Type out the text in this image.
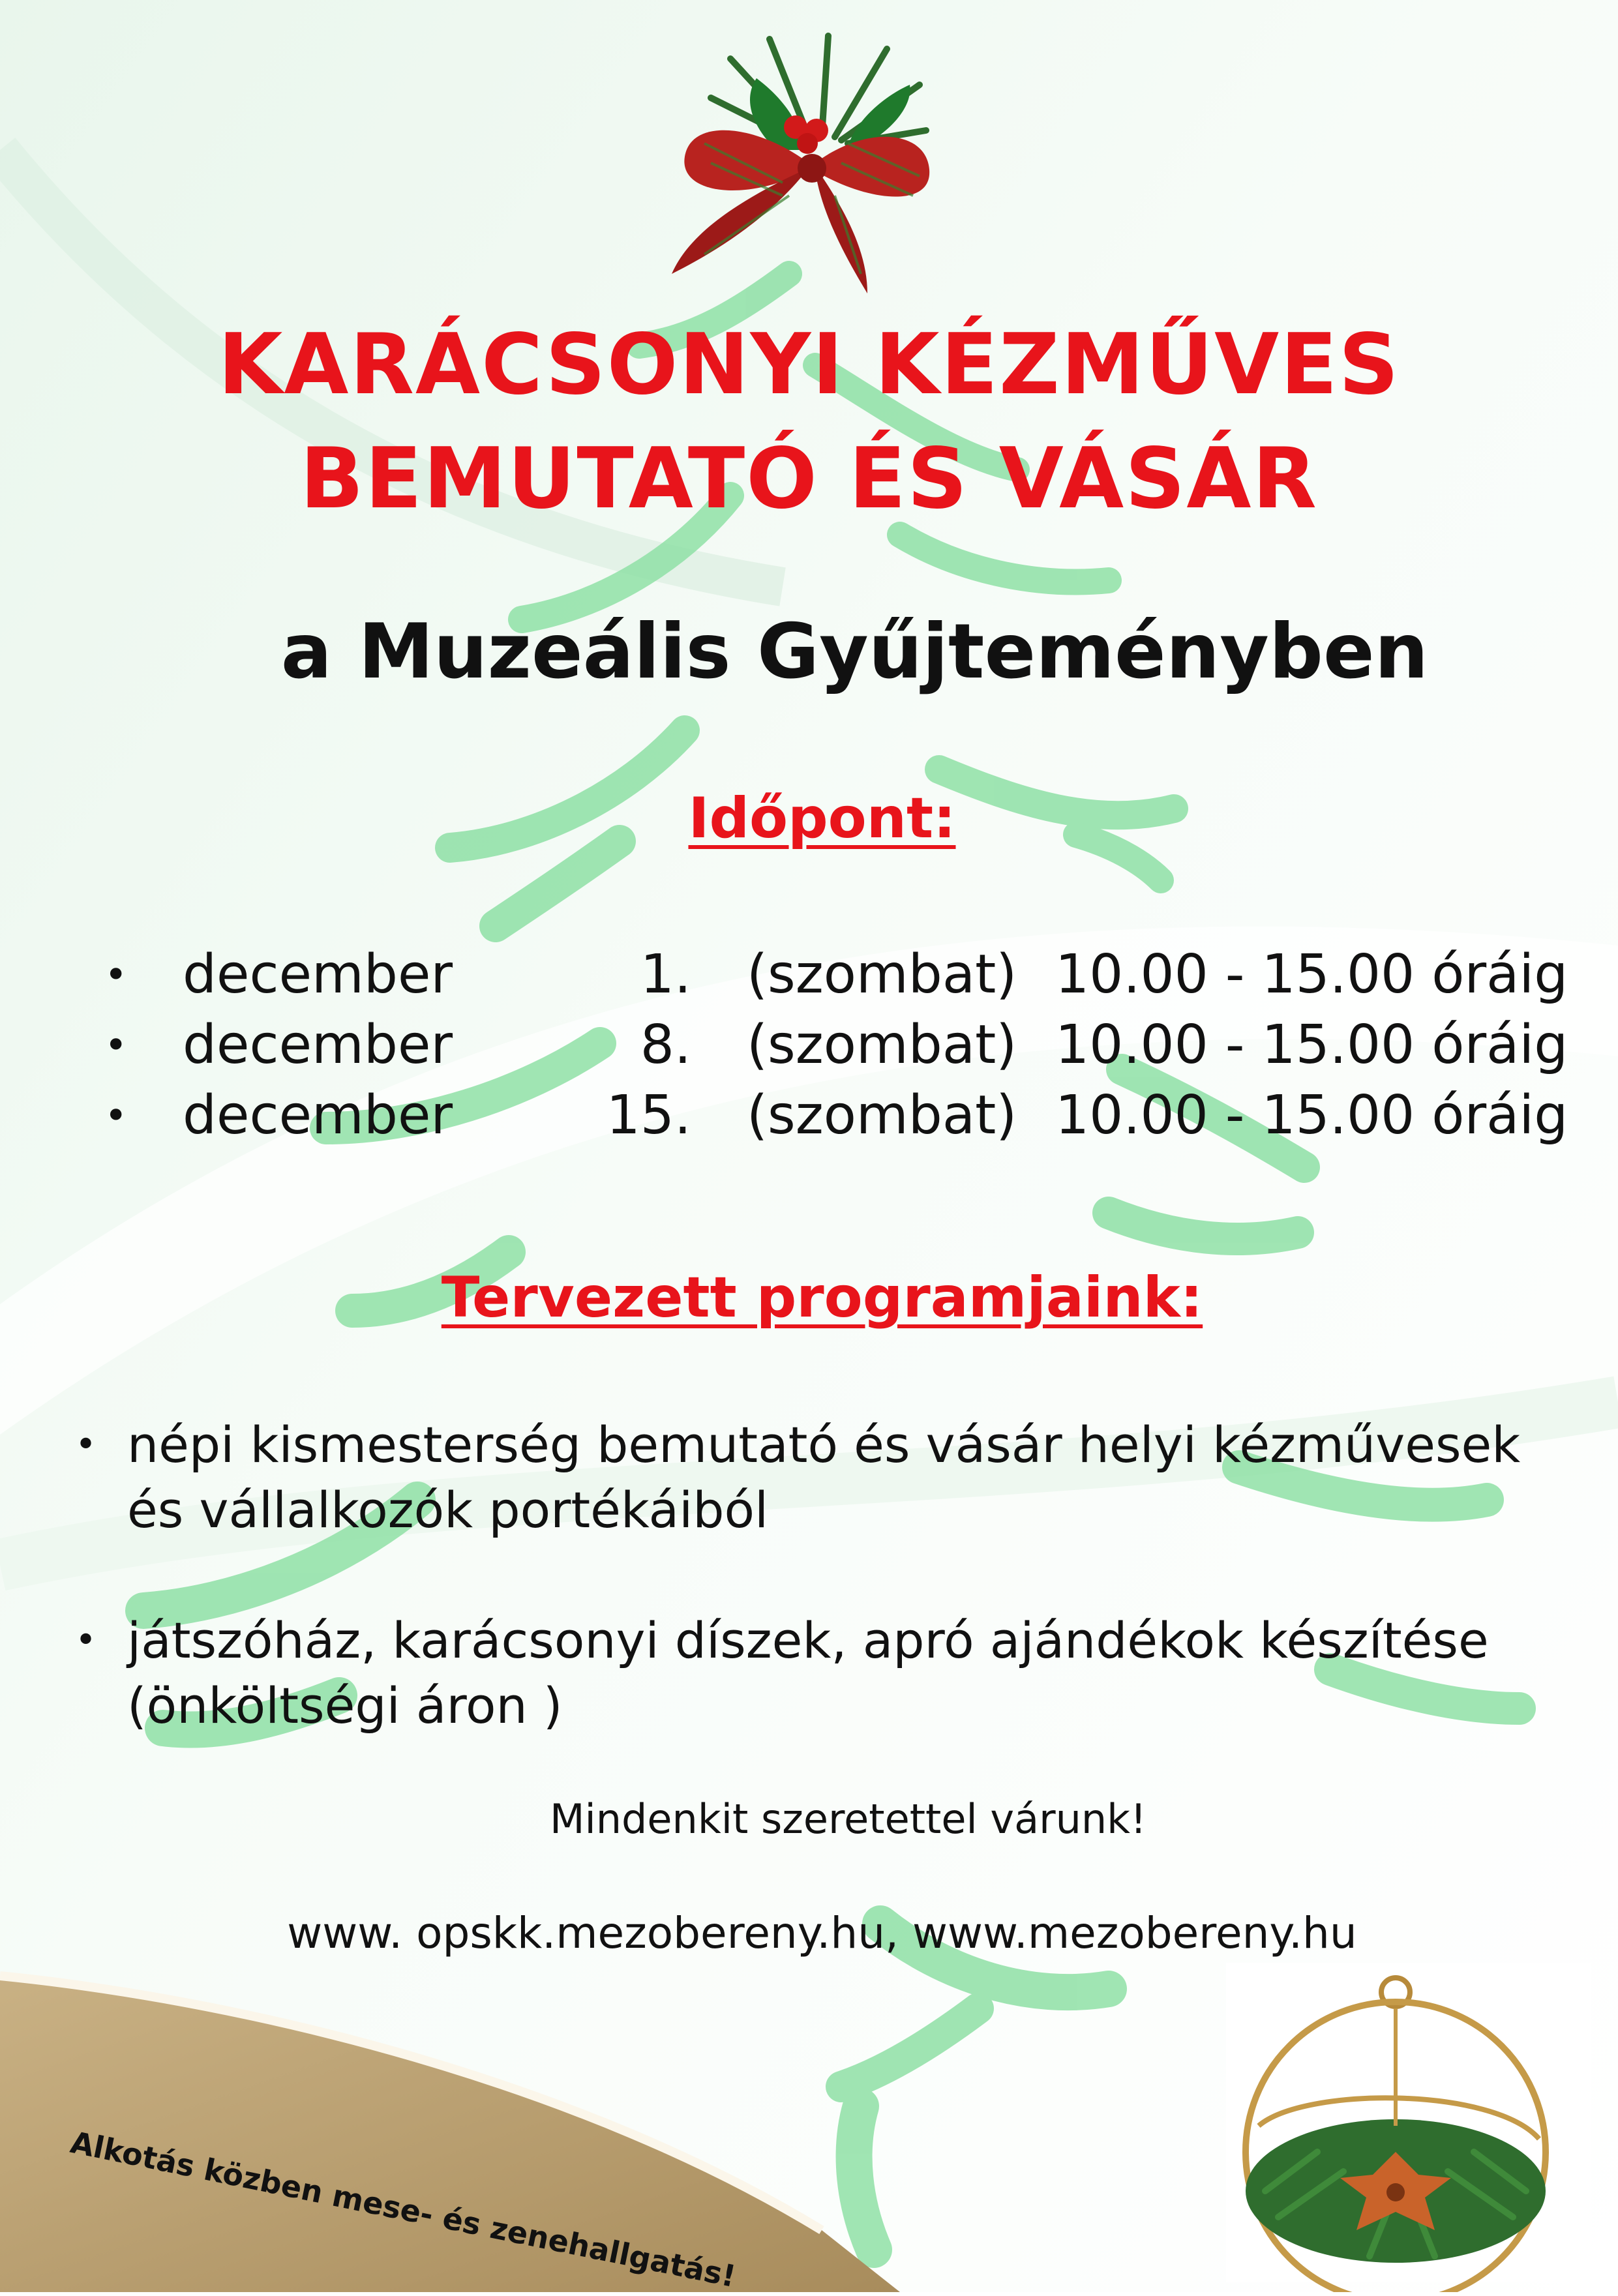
KARÁCSONYI KÉZMŰVES
BEMUTATÓ ÉS VÁSÁR
a Muzeális Gyűjteményben
Időpont:
• december	1. (szombat) 10.00 - 15.00 óráig
• december	8. (szombat) 10.00 - 15.00 óráig
• december	15. (szombat) 10.00 - 15.00 óráig
Tervezett programjaink:
• népi kismesterség bemutató és vásár helyi kézművesek
és vállalkozók portékáiból
• játszóház, karácsonyi díszek, apró ajándékok készítése
(önköltségi áron )
Mindenkit szeretettel várunk!
www. opskk.mezobereny.hu, www.mezobereny.hu
Alkotás közben mese- és zenehallgatás!
